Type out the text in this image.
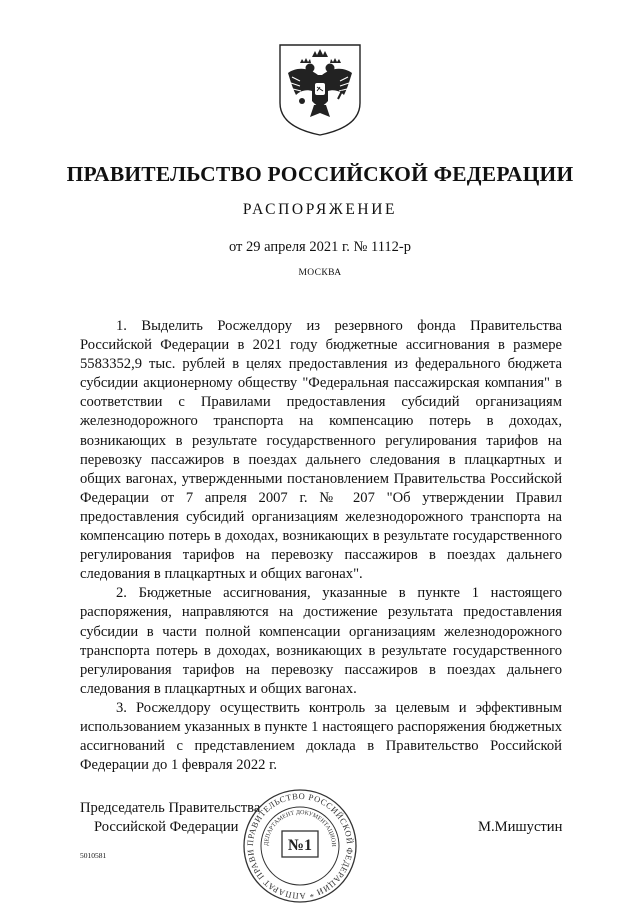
ПРАВИТЕЛЬСТВО РОССИЙСКОЙ ФЕДЕРАЦИИ
РАСПОРЯЖЕНИЕ
от 29 апреля 2021 г. № 1112-р
МОСКВА

1. Выделить Росжелдору из резервного фонда Правительства Российской Федерации в 2021 году бюджетные ассигнования в размере 5583352,9 тыс. рублей в целях предоставления из федерального бюджета субсидии акционерному обществу "Федеральная пассажирская компания" в соответствии с Правилами предоставления субсидий организациям железнодорожного транспорта на компенсацию потерь в доходах, возникающих в результате государственного регулирования тарифов на перевозку пассажиров в поездах дальнего следования в плацкартных и общих вагонах, утвержденными постановлением Правительства Российской Федерации от 7 апреля 2007 г. № 207 "Об утверждении Правил предоставления субсидий организациям железнодорожного транспорта на компенсацию потерь в доходах, возникающих в результате государственного регулирования тарифов на перевозку пассажиров в поездах дальнего следования в плацкартных и общих вагонах".

2. Бюджетные ассигнования, указанные в пункте 1 настоящего распоряжения, направляются на достижение результата предоставления субсидии в части полной компенсации организациям железнодорожного транспорта потерь в доходах, возникающих в результате государственного регулирования тарифов на перевозку пассажиров в поездах дальнего следования в плацкартных и общих вагонах.

3. Росжелдору осуществить контроль за целевым и эффективным использованием указанных в пункте 1 настоящего распоряжения бюджетных ассигнований с представлением доклада в Правительство Российской Федерации до 1 февраля 2022 г.

Председатель Правительства
Российской Федерации	М.Мишустин
ПРАВИТЕЛЬСТВО РОССИЙСКОЙ ФЕДЕРАЦИИ * АППАРАТ ПРАВИ
ДЕПАРТАМЕНТ ДОКУМЕНТАЦИОН
№1
5010581
